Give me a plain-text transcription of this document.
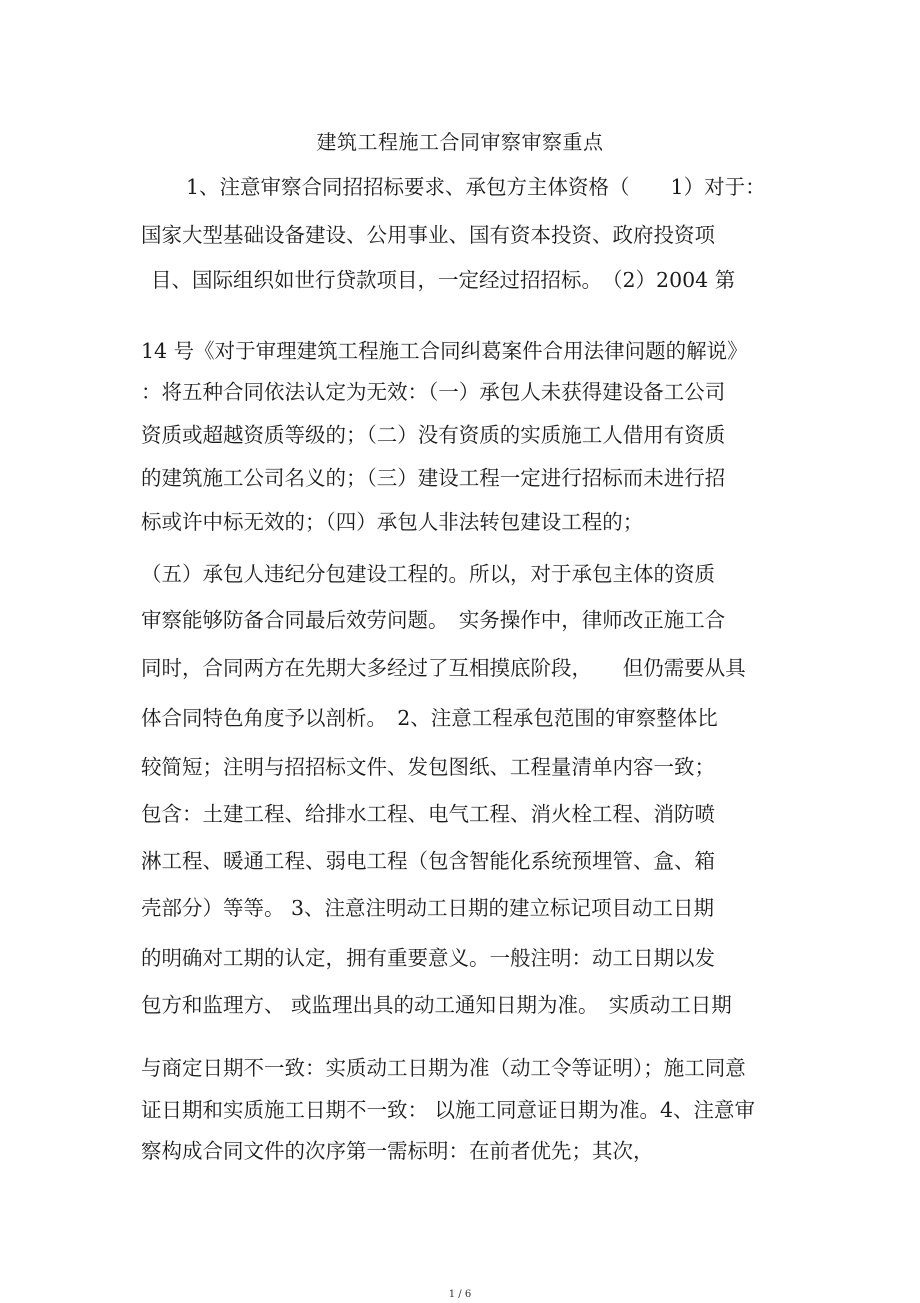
建筑工程施工合同审察审察重点
1、注意审察合同招招标要求、承包方主体资格（　　1）对于：
国家大型基础设备建设、公用事业、国有资本投资、政府投资项
目、国际组织如世行贷款项目，一定经过招招标。　（2）2004 第
14 号《对于审理建筑工程施工合同纠葛案件合用法律问题的解说》
：将五种合同依法认定为无效：（一）承包人未获得建设备工公司
资质或超越资质等级的；（二）没有资质的实质施工人借用有资质
的建筑施工公司名义的；（三）建设工程一定进行招标而未进行招
标或许中标无效的；（四）承包人非法转包建设工程的；
（五）承包人违纪分包建设工程的。所以，对于承包主体的资质
审察能够防备合同最后效劳问题。　实务操作中，律师改正施工合
同时，合同两方在先期大多经过了互相摸底阶段，　　但仍需要从具
体合同特色角度予以剖析。　2、注意工程承包范围的审察整体比
较简短；注明与招招标文件、发包图纸、工程量清单内容一致；
包含：土建工程、给排水工程、电气工程、消火栓工程、消防喷
淋工程、暖通工程、弱电工程（包含智能化系统预埋管、盒、箱
壳部分）等等。 3、注意注明动工日期的建立标记项目动工日期
的明确对工期的认定，拥有重要意义。一般注明：动工日期以发
包方和监理方、 或监理出具的动工通知日期为准。　实质动工日期
与商定日期不一致：实质动工日期为准（动工令等证明）；施工同意
证日期和实质施工日期不一致： 以施工同意证日期为准。4、注意审
察构成合同文件的次序第一需标明：在前者优先；其次，
1 / 6
